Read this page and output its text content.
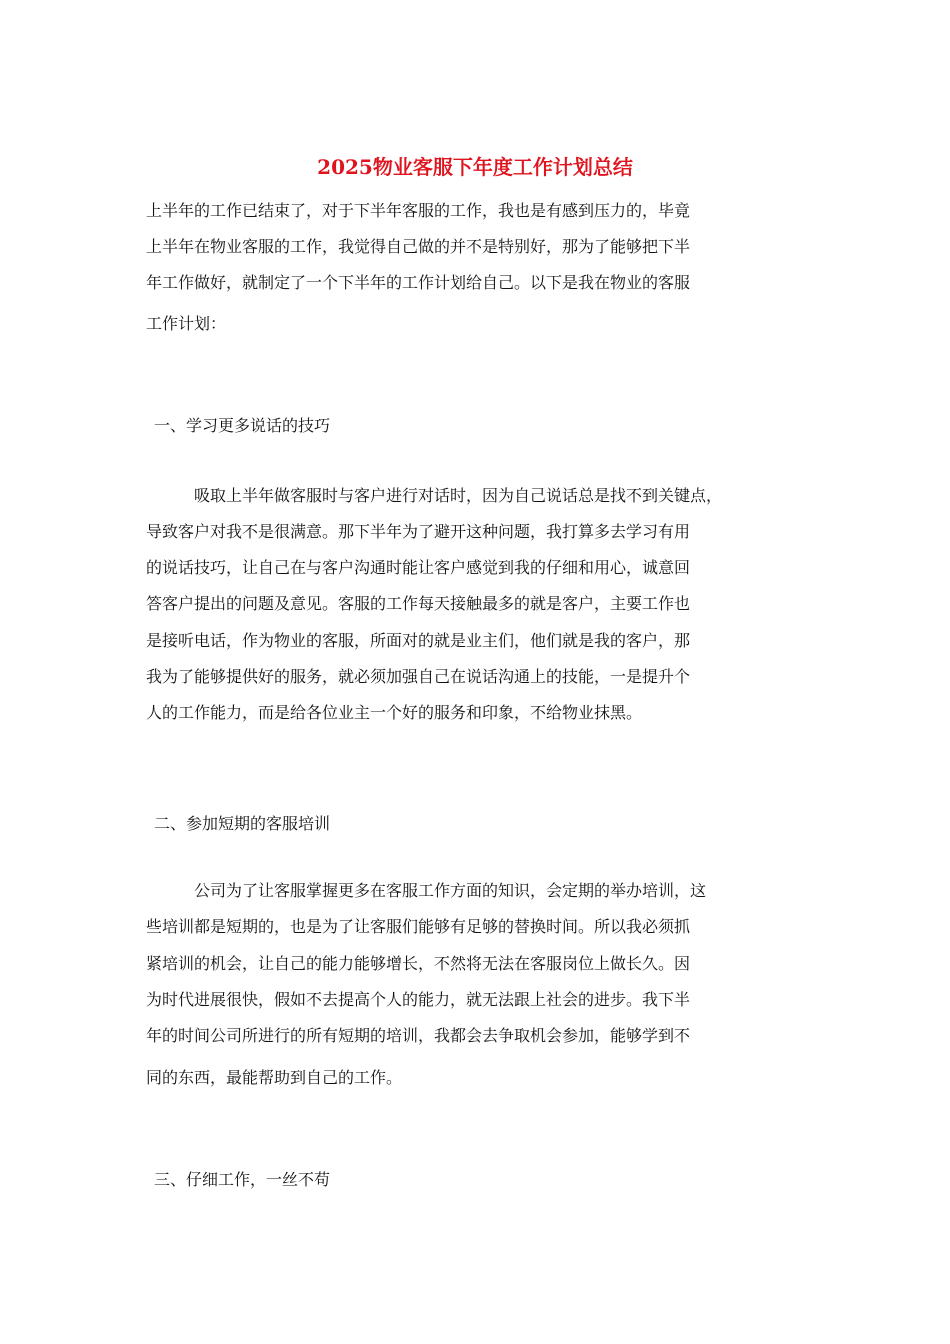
2025物业客服下年度工作计划总结

上半年的工作已结束了，对于下半年客服的工作，我也是有感到压力的，毕竟

上半年在物业客服的工作，我觉得自己做的并不是特别好，那为了能够把下半

年工作做好，就制定了一个下半年的工作计划给自己。以下是我在物业的客服

工作计划：

一、学习更多说话的技巧

吸取上半年做客服时与客户进行对话时，因为自己说话总是找不到关键点，

导致客户对我不是很满意。那下半年为了避开这种问题，我打算多去学习有用

的说话技巧，让自己在与客户沟通时能让客户感觉到我的仔细和用心，诚意回

答客户提出的问题及意见。客服的工作每天接触最多的就是客户，主要工作也

是接听电话，作为物业的客服，所面对的就是业主们，他们就是我的客户，那

我为了能够提供好的服务，就必须加强自己在说话沟通上的技能，一是提升个

人的工作能力，而是给各位业主一个好的服务和印象，不给物业抹黑。

二、参加短期的客服培训

公司为了让客服掌握更多在客服工作方面的知识，会定期的举办培训，这

些培训都是短期的，也是为了让客服们能够有足够的替换时间。所以我必须抓

紧培训的机会，让自己的能力能够增长，不然将无法在客服岗位上做长久。因

为时代进展很快，假如不去提高个人的能力，就无法跟上社会的进步。我下半

年的时间公司所进行的所有短期的培训，我都会去争取机会参加，能够学到不

同的东西，最能帮助到自己的工作。

三、仔细工作，一丝不苟
